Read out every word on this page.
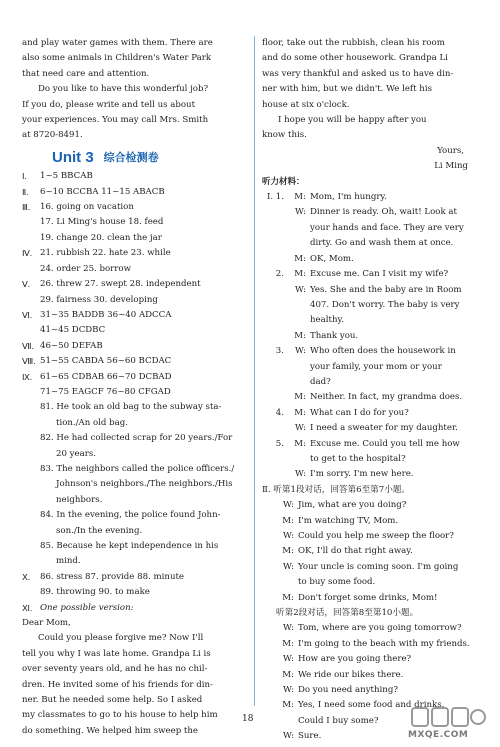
and play water games with them. There are

also some animals in Children's Water Park

that need care and attention.

Do you like to have this wonderful job?

If you do, please write and tell us about

your experiences. You may call Mrs. Smith

at 8720-8491.

Unit 3 综合检测卷
Ⅰ.	1~5 BBCAB
Ⅱ.	6~10 BCCBA 11~15 ABACB
Ⅲ.	16. going on vacation
17. Li Ming's house 18. feed
19. change 20. clean the jar
Ⅳ. 21. rubbish 22. hate 23. while
24. order 25. borrow
Ⅴ.	26. threw 27. swept 28. independent
29. fairness 30. developing
Ⅵ. 31~35 BADDB 36~40 ADCCA
41~45 DCDBC
Ⅶ. 46~50 DEFAB
Ⅷ. 51~55 CABDA 56~60 BCDAC
Ⅸ. 61~65 CDBAB 66~70 DCBAD
71~75 EAGCF 76~80 CFGAD

81. He took an old bag to the subway sta-

tion./An old bag.

82. He had collected scrap for 20 years./For

20 years.

83. The neighbors called the police officers./

Johnson's neighbors./The neighbors./His

neighbors.

84. In the evening, the police found John-

son./In the evening.

85. Because he kept independence in his

mind.

Ⅹ.	86. stress 87. provide 88. minute

89. throwing 90. to make

Ⅺ. One possible version:

Dear Mom,

Could you please forgive me? Now I'll

tell you why I was late home. Grandpa Li is

over seventy years old, and he has no chil-

dren. He invited some of his friends for din-

ner. But he needed some help. So I asked

my classmates to go to his house to help him

do something. We helped him sweep the

floor, take out the rubbish, clean his room

and do some other housework. Grandpa Li

was very thankful and asked us to have din-

ner with him, but we didn't. We left his

house at six o'clock.

I hope you will be happy after you

know this.

Yours,

Li Ming

听力材料：

Ⅰ. 1.	M: Mom, I'm hungry.
W: Dinner is ready. Oh, wait! Look at
your hands and face. They are very
dirty. Go and wash them at once.
M: OK, Mom.
2.	M: Excuse me. Can I visit my wife?
W: Yes. She and the baby are in Room
407. Don't worry. The baby is very
healthy.
M: Thank you.
3.	W: Who often does the housework in
your family, your mom or your
dad?
M: Neither. In fact, my grandma does.
4.	M: What can I do for you?
W: I need a sweater for my daughter.
5.	M: Excuse me. Could you tell me how
to get to the hospital?
W: I'm sorry. I'm new here.

Ⅱ. 听第1段对话，回答第6至第7小题。

W: Jim, what are you doing?
M: I'm watching TV, Mom.
W: Could you help me sweep the floor?
M: OK, I'll do that right away.
W: Your uncle is coming soon. I'm going
to buy some food.
M: Don't forget some drinks, Mom!

听第2段对话，回答第8至第10小题。

W: Tom, where are you going tomorrow?
M: I'm going to the beach with my friends.
W: How are you going there?
M: We ride our bikes there.
W: Do you need anything?
M: Yes, I need some food and drinks.
Could I buy some?
W: Sure.
18
MXQE.COM
